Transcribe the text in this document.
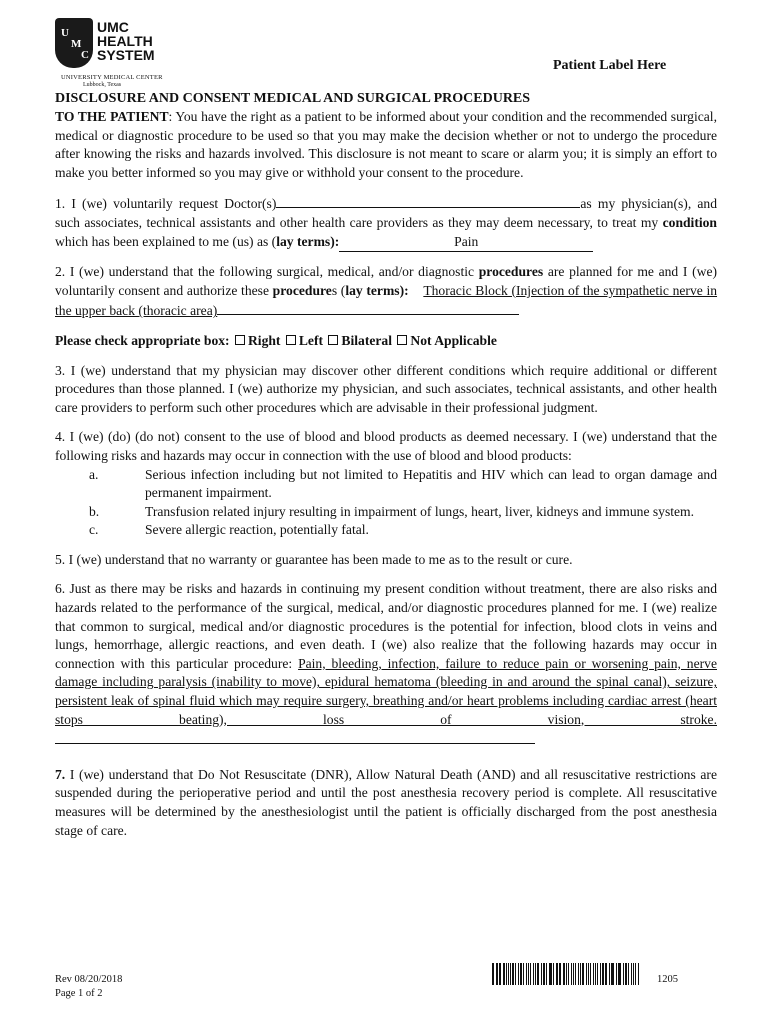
U
M
C
UMC
HEALTH
SYSTEM
UNIVERSITY MEDICAL CENTER
Lubbock, Texas
Patient Label Here

DISCLOSURE AND CONSENT MEDICAL AND SURGICAL PROCEDURES

TO THE PATIENT: You have the right as a patient to be informed about your condition and the recommended surgical, medical or diagnostic procedure to be used so that you may make the decision whether or not to undergo the procedure after knowing the risks and hazards involved. This disclosure is not meant to scare or alarm you; it is simply an effort to make you better informed so you may give or withhold your consent to the procedure.

1. I (we) voluntarily request Doctor(s)	as my physician(s), and such associates, technical assistants and other health care providers as they may deem necessary, to treat my condition which has been explained to me (us) as (lay terms):	Pain

2. I (we) understand that the following surgical, medical, and/or diagnostic procedures are planned for me and I (we) voluntarily consent and authorize these procedures (lay terms): Thoracic Block (Injection of the sympathetic nerve in the upper back (thoracic area)

Please check appropriate box: Right Left Bilateral Not Applicable

3. I (we) understand that my physician may discover other different conditions which require additional or different procedures than those planned. I (we) authorize my physician, and such associates, technical assistants, and other health care providers to perform such other procedures which are advisable in their professional judgment.

4. I (we) (do) (do not) consent to the use of blood and blood products as deemed necessary. I (we) understand that the following risks and hazards may occur in connection with the use of blood and blood products:

a.	Serious infection including but not limited to Hepatitis and HIV which can lead to organ damage and permanent impairment.
b.	Transfusion related injury resulting in impairment of lungs, heart, liver, kidneys and immune system.
c.	Severe allergic reaction, potentially fatal.

5. I (we) understand that no warranty or guarantee has been made to me as to the result or cure.

6. Just as there may be risks and hazards in continuing my present condition without treatment, there are also risks and hazards related to the performance of the surgical, medical, and/or diagnostic procedures planned for me. I (we) realize that common to surgical, medical and/or diagnostic procedures is the potential for infection, blood clots in veins and lungs, hemorrhage, allergic reactions, and even death. I (we) also realize that the following hazards may occur in connection with this particular procedure: Pain, bleeding, infection, failure to reduce pain or worsening pain, nerve damage including paralysis (inability to move), epidural hematoma (bleeding in and around the spinal canal), seizure, persistent leak of spinal fluid which may require surgery, breathing and/or heart problems including cardiac arrest (heart stops beating), loss of vision, stroke.

7. I (we) understand that Do Not Resuscitate (DNR), Allow Natural Death (AND) and all resuscitative restrictions are suspended during the perioperative period and until the post anesthesia recovery period is complete. All resuscitative measures will be determined by the anesthesiologist until the patient is officially discharged from the post anesthesia stage of care.

Rev 08/20/2018
Page 1 of 2
1205
